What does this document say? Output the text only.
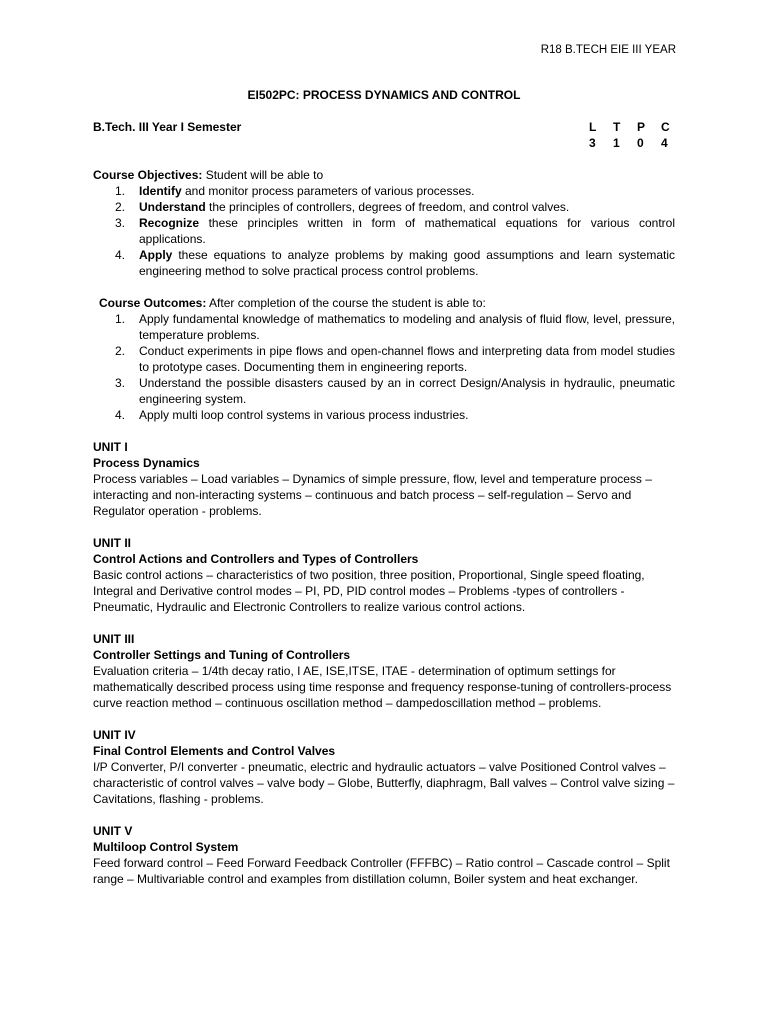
R18 B.TECH EIE III YEAR
EI502PC: PROCESS DYNAMICS AND CONTROL
B.Tech. III Year I Semester	L	T	P	C
3	1	0	4
Course Objectives: Student will be able to
1. Identify and monitor process parameters of various processes.
2. Understand the principles of controllers, degrees of freedom, and control valves.
3. Recognize these principles written in form of mathematical equations for various control applications.
4. Apply these equations to analyze problems by making good assumptions and learn systematic engineering method to solve practical process control problems.
Course Outcomes: After completion of the course the student is able to:
1. Apply fundamental knowledge of mathematics to modeling and analysis of fluid flow, level, pressure, temperature problems.
2. Conduct experiments in pipe flows and open-channel flows and interpreting data from model studies to prototype cases. Documenting them in engineering reports.
3. Understand the possible disasters caused by an in correct Design/Analysis in hydraulic, pneumatic engineering system.
4. Apply multi loop control systems in various process industries.
UNIT I
Process Dynamics
Process variables – Load variables – Dynamics of simple pressure, flow, level and temperature process – interacting and non-interacting systems – continuous and batch process – self-regulation – Servo and Regulator operation - problems.
UNIT II
Control Actions and Controllers and Types of Controllers
Basic control actions – characteristics of two position, three position, Proportional, Single speed floating, Integral and Derivative control modes – PI, PD, PID control modes – Problems -types of controllers -Pneumatic, Hydraulic and Electronic Controllers to realize various control actions.
UNIT III
Controller Settings and Tuning of Controllers
Evaluation criteria – 1/4th decay ratio, I AE, ISE,ITSE, ITAE - determination of optimum settings for mathematically described process using time response and frequency response-tuning of controllers-process curve reaction method – continuous oscillation method – dampedoscillation method – problems.
UNIT IV
Final Control Elements and Control Valves
I/P Converter, P/I converter - pneumatic, electric and hydraulic actuators – valve Positioned Control valves – characteristic of control valves – valve body – Globe, Butterfly, diaphragm, Ball valves – Control valve sizing – Cavitations, flashing - problems.
UNIT V
Multiloop Control System
Feed forward control – Feed Forward Feedback Controller (FFFBC) – Ratio control – Cascade control – Split range – Multivariable control and examples from distillation column, Boiler system and heat exchanger.
